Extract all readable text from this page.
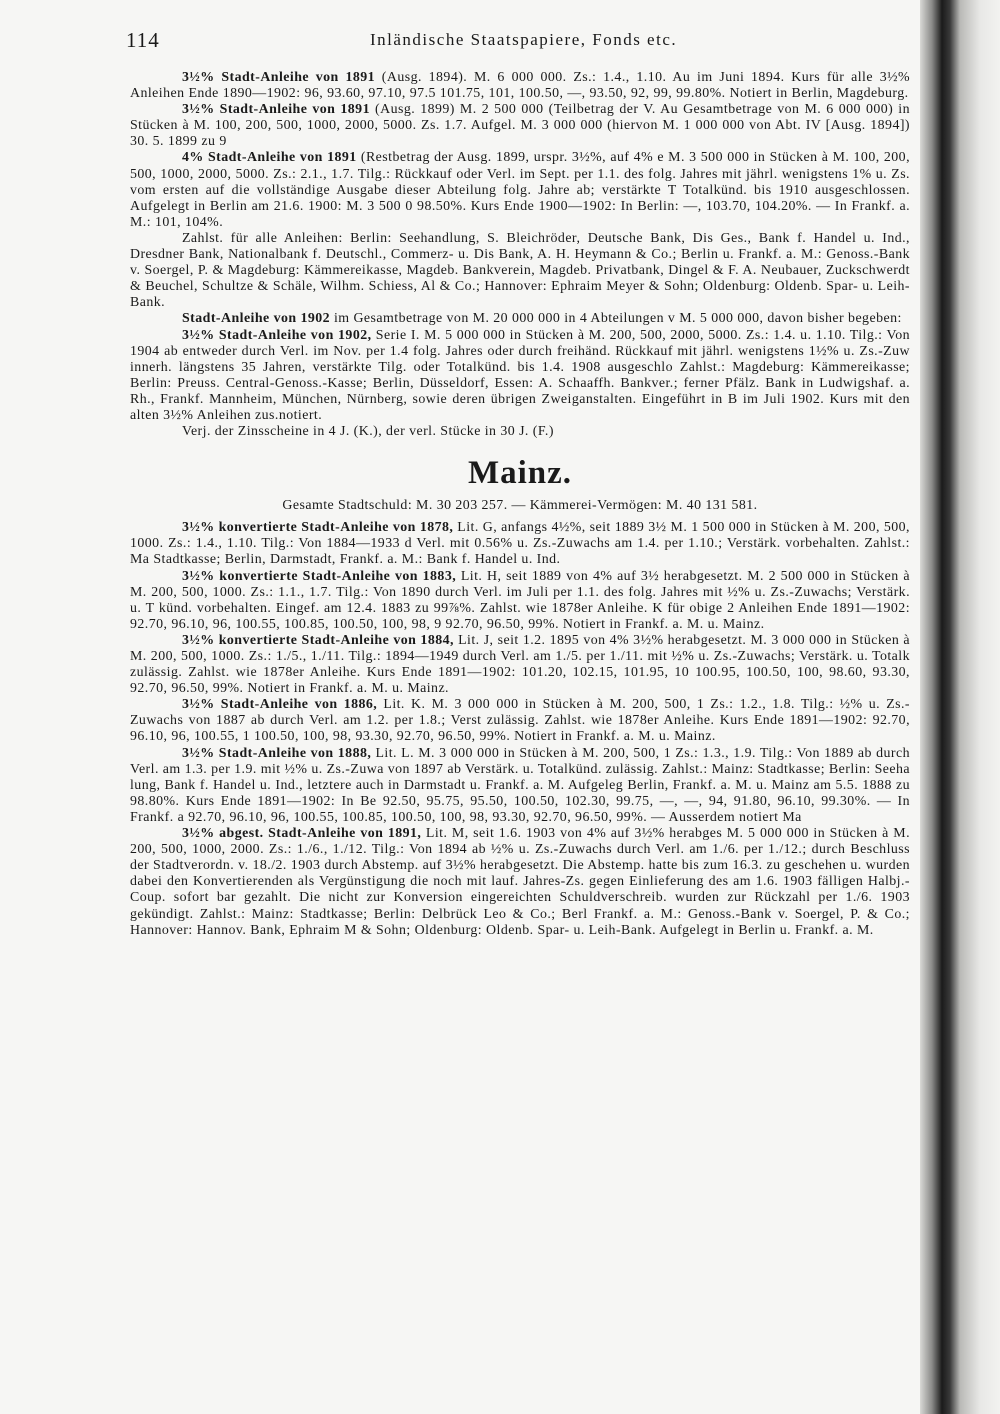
114	Inländische Staatspapiere, Fonds etc.

3½% Stadt-Anleihe von 1891 (Ausg. 1894). M. 6 000 000. Zs.: 1.4., 1.10. Au im Juni 1894. Kurs für alle 3½% Anleihen Ende 1890—1902: 96, 93.60, 97.10, 97.5 101.75, 101, 100.50, —, 93.50, 92, 99, 99.80%. Notiert in Berlin, Magdeburg.

3½% Stadt-Anleihe von 1891 (Ausg. 1899) M. 2 500 000 (Teilbetrag der V. Au Gesamtbetrage von M. 6 000 000) in Stücken à M. 100, 200, 500, 1000, 2000, 5000. Zs. 1.7. Aufgel. M. 3 000 000 (hiervon M. 1 000 000 von Abt. IV [Ausg. 1894]) 30. 5. 1899 zu 9

4% Stadt-Anleihe von 1891 (Restbetrag der Ausg. 1899, urspr. 3½%, auf 4% e M. 3 500 000 in Stücken à M. 100, 200, 500, 1000, 2000, 5000. Zs.: 2.1., 1.7. Tilg.: Rückkauf oder Verl. im Sept. per 1.1. des folg. Jahres mit jährl. wenigstens 1% u. Zs. vom ersten auf die vollständige Ausgabe dieser Abteilung folg. Jahre ab; verstärkte T Totalkünd. bis 1910 ausgeschlossen. Aufgelegt in Berlin am 21.6. 1900: M. 3 500 0 98.50%. Kurs Ende 1900—1902: In Berlin: —, 103.70, 104.20%. — In Frankf. a. M.: 101, 104%.

Zahlst. für alle Anleihen: Berlin: Seehandlung, S. Bleichröder, Deutsche Bank, Dis Ges., Bank f. Handel u. Ind., Dresdner Bank, Nationalbank f. Deutschl., Commerz- u. Dis Bank, A. H. Heymann & Co.; Berlin u. Frankf. a. M.: Genoss.-Bank v. Soergel, P. & Magdeburg: Kämmereikasse, Magdeb. Bankverein, Magdeb. Privatbank, Dingel & F. A. Neubauer, Zuckschwerdt & Beuchel, Schultze & Schäle, Wilhm. Schiess, Al & Co.; Hannover: Ephraim Meyer & Sohn; Oldenburg: Oldenb. Spar- u. Leih-Bank.

Stadt-Anleihe von 1902 im Gesamtbetrage von M. 20 000 000 in 4 Abteilungen v M. 5 000 000, davon bisher begeben:

3½% Stadt-Anleihe von 1902, Serie I. M. 5 000 000 in Stücken à M. 200, 500, 2000, 5000. Zs.: 1.4. u. 1.10. Tilg.: Von 1904 ab entweder durch Verl. im Nov. per 1.4 folg. Jahres oder durch freihänd. Rückkauf mit jährl. wenigstens 1½% u. Zs.-Zuw innerh. längstens 35 Jahren, verstärkte Tilg. oder Totalkünd. bis 1.4. 1908 ausgeschlo Zahlst.: Magdeburg: Kämmereikasse; Berlin: Preuss. Central-Genoss.-Kasse; Berlin, Düsseldorf, Essen: A. Schaaffh. Bankver.; ferner Pfälz. Bank in Ludwigshaf. a. Rh., Frankf. Mannheim, München, Nürnberg, sowie deren übrigen Zweiganstalten. Eingeführt in B im Juli 1902. Kurs mit den alten 3½% Anleihen zus.notiert.

Verj. der Zinsscheine in 4 J. (K.), der verl. Stücke in 30 J. (F.)

Mainz.

Gesamte Stadtschuld: M. 30 203 257. — Kämmerei-Vermögen: M. 40 131 581.

3½% konvertierte Stadt-Anleihe von 1878, Lit. G, anfangs 4½%, seit 1889 3½ M. 1 500 000 in Stücken à M. 200, 500, 1000. Zs.: 1.4., 1.10. Tilg.: Von 1884—1933 d Verl. mit 0.56% u. Zs.-Zuwachs am 1.4. per 1.10.; Verstärk. vorbehalten. Zahlst.: Ma Stadtkasse; Berlin, Darmstadt, Frankf. a. M.: Bank f. Handel u. Ind.

3½% konvertierte Stadt-Anleihe von 1883, Lit. H, seit 1889 von 4% auf 3½ herabgesetzt. M. 2 500 000 in Stücken à M. 200, 500, 1000. Zs.: 1.1., 1.7. Tilg.: Von 1890 durch Verl. im Juli per 1.1. des folg. Jahres mit ½% u. Zs.-Zuwachs; Verstärk. u. T künd. vorbehalten. Eingef. am 12.4. 1883 zu 99⅞%. Zahlst. wie 1878er Anleihe. K für obige 2 Anleihen Ende 1891—1902: 92.70, 96.10, 96, 100.55, 100.85, 100.50, 100, 98, 9 92.70, 96.50, 99%. Notiert in Frankf. a. M. u. Mainz.

3½% konvertierte Stadt-Anleihe von 1884, Lit. J, seit 1.2. 1895 von 4% 3½% herabgesetzt. M. 3 000 000 in Stücken à M. 200, 500, 1000. Zs.: 1./5., 1./11. Tilg.: 1894—1949 durch Verl. am 1./5. per 1./11. mit ½% u. Zs.-Zuwachs; Verstärk. u. Totalk zulässig. Zahlst. wie 1878er Anleihe. Kurs Ende 1891—1902: 101.20, 102.15, 101.95, 10 100.95, 100.50, 100, 98.60, 93.30, 92.70, 96.50, 99%. Notiert in Frankf. a. M. u. Mainz.

3½% Stadt-Anleihe von 1886, Lit. K. M. 3 000 000 in Stücken à M. 200, 500, 1 Zs.: 1.2., 1.8. Tilg.: ½% u. Zs.-Zuwachs von 1887 ab durch Verl. am 1.2. per 1.8.; Verst zulässig. Zahlst. wie 1878er Anleihe. Kurs Ende 1891—1902: 92.70, 96.10, 96, 100.55, 1 100.50, 100, 98, 93.30, 92.70, 96.50, 99%. Notiert in Frankf. a. M. u. Mainz.

3½% Stadt-Anleihe von 1888, Lit. L. M. 3 000 000 in Stücken à M. 200, 500, 1 Zs.: 1.3., 1.9. Tilg.: Von 1889 ab durch Verl. am 1.3. per 1.9. mit ½% u. Zs.-Zuwa von 1897 ab Verstärk. u. Totalkünd. zulässig. Zahlst.: Mainz: Stadtkasse; Berlin: Seeha lung, Bank f. Handel u. Ind., letztere auch in Darmstadt u. Frankf. a. M. Aufgeleg Berlin, Frankf. a. M. u. Mainz am 5.5. 1888 zu 98.80%. Kurs Ende 1891—1902: In Be 92.50, 95.75, 95.50, 100.50, 102.30, 99.75, —, —, 94, 91.80, 96.10, 99.30%. — In Frankf. a 92.70, 96.10, 96, 100.55, 100.85, 100.50, 100, 98, 93.30, 92.70, 96.50, 99%. — Ausserdem notiert Ma

3½% abgest. Stadt-Anleihe von 1891, Lit. M, seit 1.6. 1903 von 4% auf 3½% herabges M. 5 000 000 in Stücken à M. 200, 500, 1000, 2000. Zs.: 1./6., 1./12. Tilg.: Von 1894 ab ½% u. Zs.-Zuwachs durch Verl. am 1./6. per 1./12.; durch Beschluss der Stadtverordn. v. 18./2. 1903 durch Abstemp. auf 3½% herabgesetzt. Die Abstemp. hatte bis zum 16.3. zu geschehen u. wurden dabei den Konvertierenden als Vergünstigung die noch mit lauf. Jahres-Zs. gegen Einlieferung des am 1.6. 1903 fälligen Halbj.-Coup. sofort bar gezahlt. Die nicht zur Konversion eingereichten Schuldverschreib. wurden zur Rückzahl per 1./6. 1903 gekündigt. Zahlst.: Mainz: Stadtkasse; Berlin: Delbrück Leo & Co.; Berl Frankf. a. M.: Genoss.-Bank v. Soergel, P. & Co.; Hannover: Hannov. Bank, Ephraim M & Sohn; Oldenburg: Oldenb. Spar- u. Leih-Bank. Aufgelegt in Berlin u. Frankf. a. M.
